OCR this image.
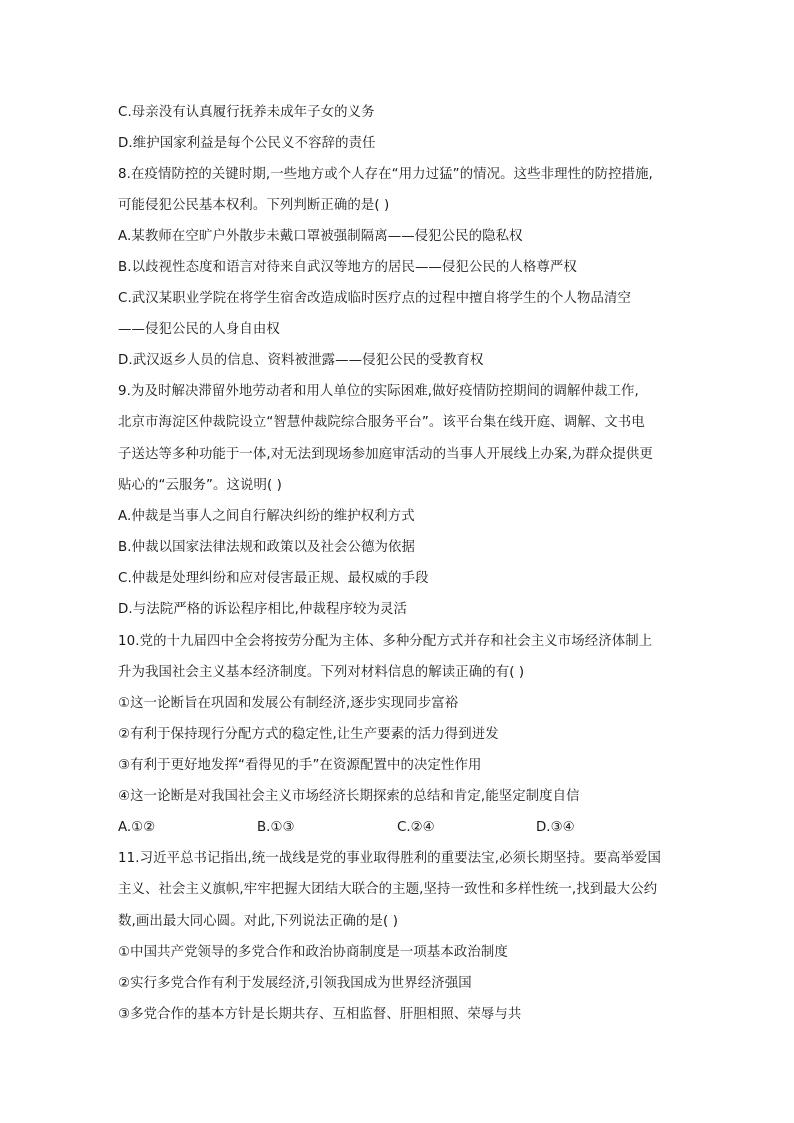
C.母亲没有认真履行抚养未成年子女的义务
D.维护国家利益是每个公民义不容辞的责任
8.在疫情防控的关键时期,一些地方或个人存在“用力过猛”的情况。这些非理性的防控措施,
可能侵犯公民基本权利。下列判断正确的是( )
A.某教师在空旷户外散步未戴口罩被强制隔离——侵犯公民的隐私权
B.以歧视性态度和语言对待来自武汉等地方的居民——侵犯公民的人格尊严权
C.武汉某职业学院在将学生宿舍改造成临时医疗点的过程中擅自将学生的个人物品清空
——侵犯公民的人身自由权
D.武汉返乡人员的信息、资料被泄露——侵犯公民的受教育权
9.为及时解决滞留外地劳动者和用人单位的实际困难,做好疫情防控期间的调解仲裁工作,
北京市海淀区仲裁院设立“智慧仲裁院综合服务平台”。该平台集在线开庭、调解、文书电
子送达等多种功能于一体,对无法到现场参加庭审活动的当事人开展线上办案,为群众提供更
贴心的“云服务”。这说明( )
A.仲裁是当事人之间自行解决纠纷的维护权利方式
B.仲裁以国家法律法规和政策以及社会公德为依据
C.仲裁是处理纠纷和应对侵害最正规、最权威的手段
D.与法院严格的诉讼程序相比,仲裁程序较为灵活
10.党的十九届四中全会将按劳分配为主体、多种分配方式并存和社会主义市场经济体制上
升为我国社会主义基本经济制度。下列对材料信息的解读正确的有( )
①这一论断旨在巩固和发展公有制经济,逐步实现同步富裕
②有利于保持现行分配方式的稳定性,让生产要素的活力得到迸发
③有利于更好地发挥“看得见的手”在资源配置中的决定性作用
④这一论断是对我国社会主义市场经济长期探索的总结和肯定,能坚定制度自信
A.①②	B.①③	C.②④	D.③④
11.习近平总书记指出,统一战线是党的事业取得胜利的重要法宝,必须长期坚持。要高举爱国
主义、社会主义旗帜,牢牢把握大团结大联合的主题,坚持一致性和多样性统一,找到最大公约
数,画出最大同心圆。对此,下列说法正确的是( )
①中国共产党领导的多党合作和政治协商制度是一项基本政治制度
②实行多党合作有利于发展经济,引领我国成为世界经济强国
③多党合作的基本方针是长期共存、互相监督、肝胆相照、荣辱与共
